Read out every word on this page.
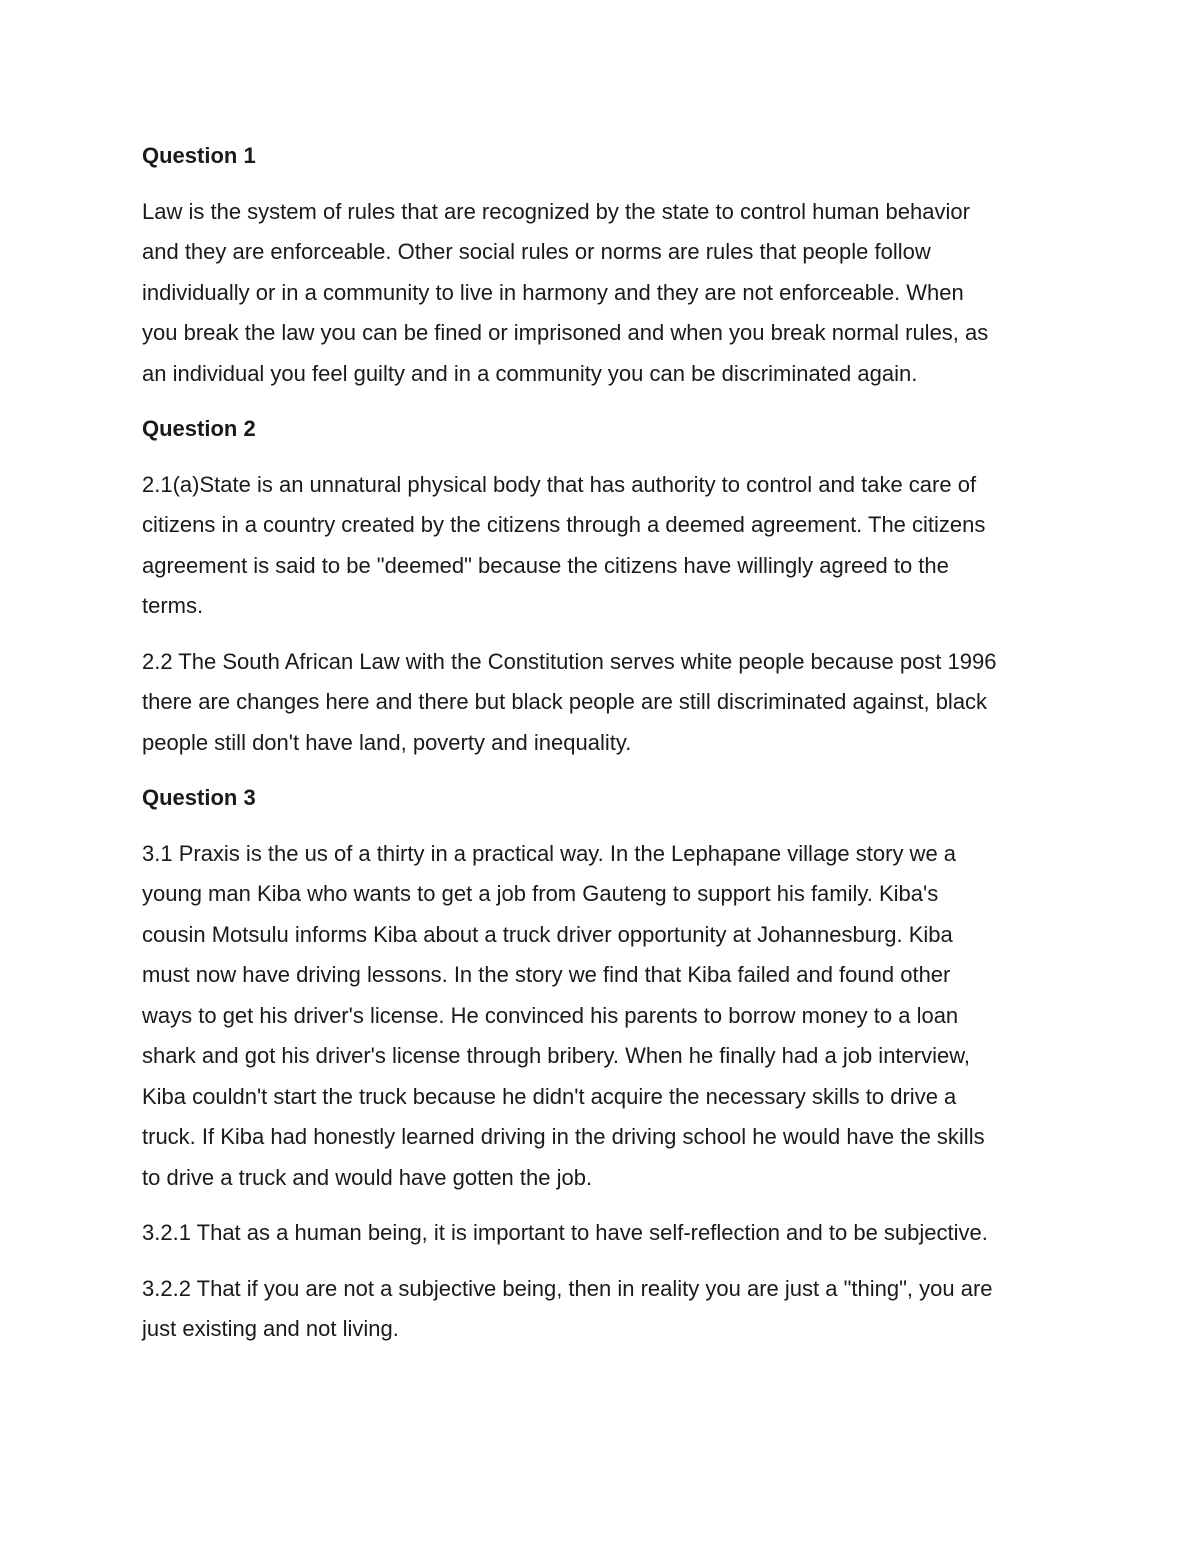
Question 1
Law is the system of rules that are recognized by the state to control human behavior
and they are enforceable. Other social rules or norms are rules that people follow
individually or in a community to live in harmony and they are not enforceable. When
you break the law you can be fined or imprisoned and when you break normal rules, as
an individual you feel guilty and in a community you can be discriminated again.
Question 2
2.1(a)State is an unnatural physical body that has authority to control and take care of
citizens in a country created by the citizens through a deemed agreement. The citizens
agreement is said to be "deemed" because the citizens have willingly agreed to the
terms.
2.2 The South African Law with the Constitution serves white people because post 1996
there are changes here and there but black people are still discriminated against, black
people still don't have land, poverty and inequality.
Question 3
3.1 Praxis is the us of a thirty in a practical way. In the Lephapane village story we a
young man Kiba who wants to get a job from Gauteng to support his family. Kiba's
cousin Motsulu informs Kiba about a truck driver opportunity at Johannesburg. Kiba
must now have driving lessons. In the story we find that Kiba failed and found other
ways to get his driver's license. He convinced his parents to borrow money to a loan
shark and got his driver's license through bribery. When he finally had a job interview,
Kiba couldn't start the truck because he didn't acquire the necessary skills to drive a
truck. If Kiba had honestly learned driving in the driving school he would have the skills
to drive a truck and would have gotten the job.
3.2.1 That as a human being, it is important to have self-reflection and to be subjective.
3.2.2 That if you are not a subjective being, then in reality you are just a "thing", you are
just existing and not living.
